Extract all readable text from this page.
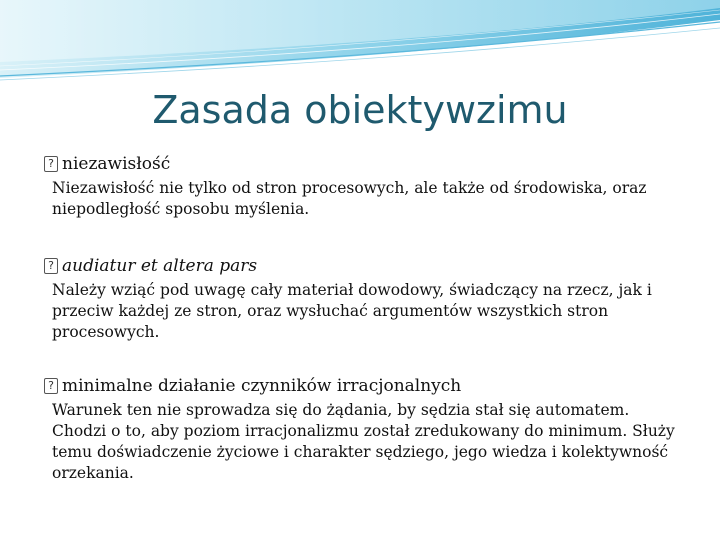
Zasada obiektywzimu
?
niezawisłość
Niezawisłość nie tylko od stron procesowych, ale także od środowiska, oraz niepodległość sposobu myślenia.
?
audiatur et altera pars
Należy wziąć pod uwagę cały materiał dowodowy, świadczący na rzecz, jak i przeciw każdej ze stron, oraz wysłuchać argumentów wszystkich stron procesowych.
?
minimalne działanie czynników irracjonalnych
Warunek ten nie sprowadza się do żądania, by sędzia stał się automatem. Chodzi o to, aby poziom irracjonalizmu został zredukowany do minimum. Służy temu doświadczenie życiowe i charakter sędziego, jego wiedza i kolektywność orzekania.
